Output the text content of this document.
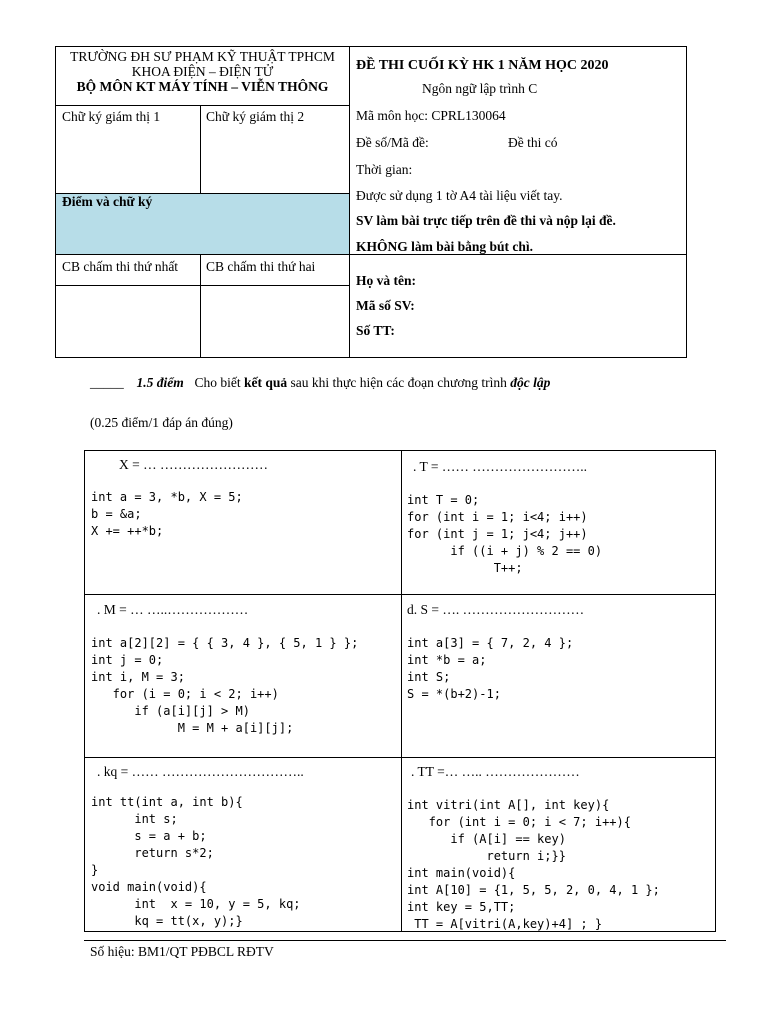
TRƯỜNG ĐH SƯ PHẠM KỸ THUẬT TPHCM
KHOA ĐIỆN – ĐIỆN TỬ
BỘ MÔN KT MÁY TÍNH – VIỄN THÔNG
Chữ ký giám thị 1	Chữ ký giám thị 2
Điểm và chữ ký
CB chấm thi thứ nhất CB chấm thi thứ hai
ĐỀ THI CUỐI KỲ HK 1 NĂM HỌC 2020
Ngôn ngữ lập trình C
Mã môn học: CPRL130064
Đề số/Mã đề:	Đề thi có
Thời gian:
Được sử dụng 1 tờ A4 tài liệu viết tay.
SV làm bài trực tiếp trên đề thi và nộp lại đề.
KHÔNG làm bài bằng bút chì.
Họ và tên:
Mã số SV:
Số TT:
_____ 1.5 điểm Cho biết kết quả sau khi thực hiện các đoạn chương trình độc lập
(0.25 điểm/1 đáp án đúng)
X = … ……………………
int a = 3, *b, X = 5;
b = &a;
X += ++*b;
. T = …… ……………………..
int T = 0;
for (int i = 1; i<4; i++)
for (int j = 1; j<4; j++)
if ((i + j) % 2 == 0)
T++;
. M = … …..………………
int a[2][2] = { { 3, 4 }, { 5, 1 } };
int j = 0;
int i, M = 3;
for (i = 0; i < 2; i++)
if (a[i][j] > M)
M = M + a[i][j];
d. S = …. ………………………
int a[3] = { 7, 2, 4 };
int *b = a;
int S;
S = *(b+2)-1;
. kq = …… …………………………..
int tt(int a, int b){
int s;
s = a + b;
return s*2;
}
void main(void){
int  x = 10, y = 5, kq;
kq = tt(x, y);}
. TT =… ….. …………………
int vitri(int A[], int key){
for (int i = 0; i < 7; i++){
if (A[i] == key)
return i;}}
int main(void){
int A[10] = {1, 5, 5, 2, 0, 4, 1 };
int key = 5,TT;
TT = A[vitri(A,key)+4] ; }
Số hiệu: BM1/QT PĐBCL RĐTV
